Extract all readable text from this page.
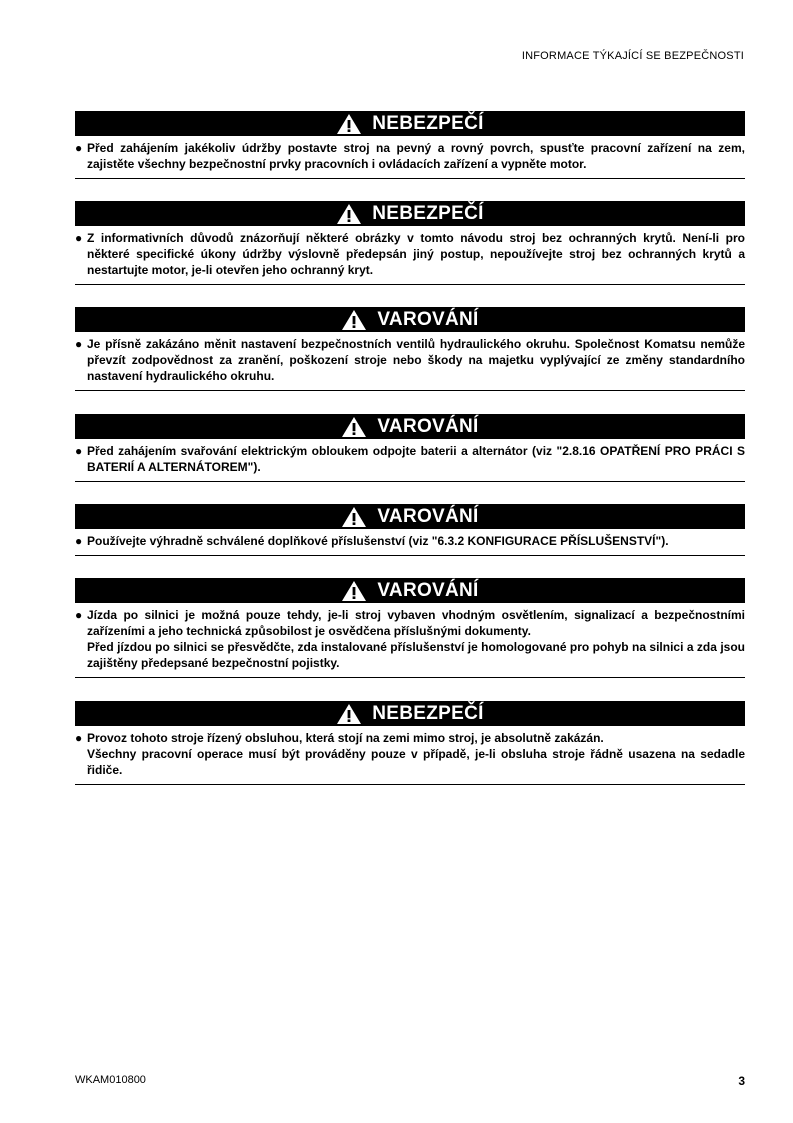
INFORMACE TÝKAJÍCÍ SE BEZPEČNOSTI
NEBEZPEČÍ
● Před zahájením jakékoliv údržby postavte stroj na pevný a rovný povrch, spusťte pracovní zařízení na zem, zajistěte všechny bezpečnostní prvky pracovních i ovládacích zařízení a vypněte motor.
NEBEZPEČÍ
● Z informativních důvodů znázorňují některé obrázky v tomto návodu stroj bez ochranných krytů. Není-li pro některé specifické úkony údržby výslovně předepsán jiný postup, nepoužívejte stroj bez ochranných krytů a nestartujte motor, je-li otevřen jeho ochranný kryt.
VAROVÁNÍ
● Je přísně zakázáno měnit nastavení bezpečnostních ventilů hydraulického okruhu. Společnost Komatsu nemůže převzít zodpovědnost za zranění, poškození stroje nebo škody na majetku vyplývající ze změny standardního nastavení hydraulického okruhu.
VAROVÁNÍ
● Před zahájením svařování elektrickým obloukem odpojte baterii a alternátor (viz "2.8.16 OPATŘENÍ PRO PRÁCI S BATERIÍ A ALTERNÁTOREM").
VAROVÁNÍ
● Používejte výhradně schválené doplňkové příslušenství (viz "6.3.2 KONFIGURACE PŘÍSLUŠENSTVÍ").
VAROVÁNÍ
● Jízda po silnici je možná pouze tehdy, je-li stroj vybaven vhodným osvětlením, signalizací a bezpečnostními zařízeními a jeho technická způsobilost je osvědčena příslušnými dokumenty.
Před jízdou po silnici se přesvědčte, zda instalované příslušenství je homologované pro pohyb na silnici a zda jsou zajištěny předepsané bezpečnostní pojistky.
NEBEZPEČÍ
● Provoz tohoto stroje řízený obsluhou, která stojí na zemi mimo stroj, je absolutně zakázán.
Všechny pracovní operace musí být prováděny pouze v případě, je-li obsluha stroje řádně usazena na sedadle řidiče.
WKAM010800	3
